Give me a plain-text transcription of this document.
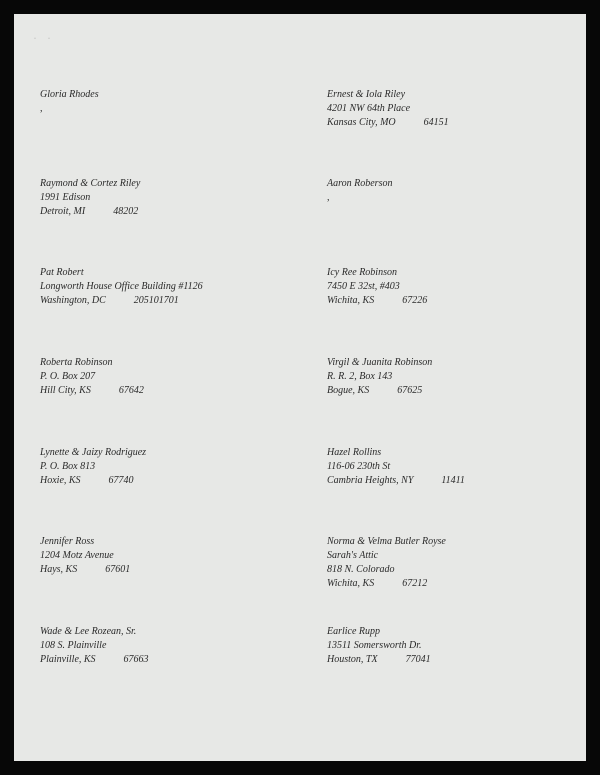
·        ·
Gloria Rhodes
,
Ernest & Iola Riley
4201 NW 64th Place
Kansas City, MO	64151
Raymond & Cortez Riley
1991 Edison
Detroit, MI	48202
Aaron Roberson
,
Pat Robert
Longworth House Office Building #1126
Washington, DC	205101701
Icy Ree Robinson
7450 E 32st, #403
Wichita, KS	67226
Roberta Robinson
P. O. Box 207
Hill City, KS	67642
Virgil & Juanita Robinson
R. R. 2, Box 143
Bogue, KS	67625
Lynette & Jaizy Rodriguez
P. O. Box 813
Hoxie, KS	67740
Hazel Rollins
116-06 230th St
Cambria Heights, NY	11411
Jennifer Ross
1204 Motz Avenue
Hays, KS	67601
Norma & Velma Butler Royse
Sarah's Attic
818 N. Colorado
Wichita, KS	67212
Wade & Lee Rozean, Sr.
108 S. Plainville
Plainville, KS	67663
Earlice Rupp
13511 Somersworth Dr.
Houston, TX	77041
